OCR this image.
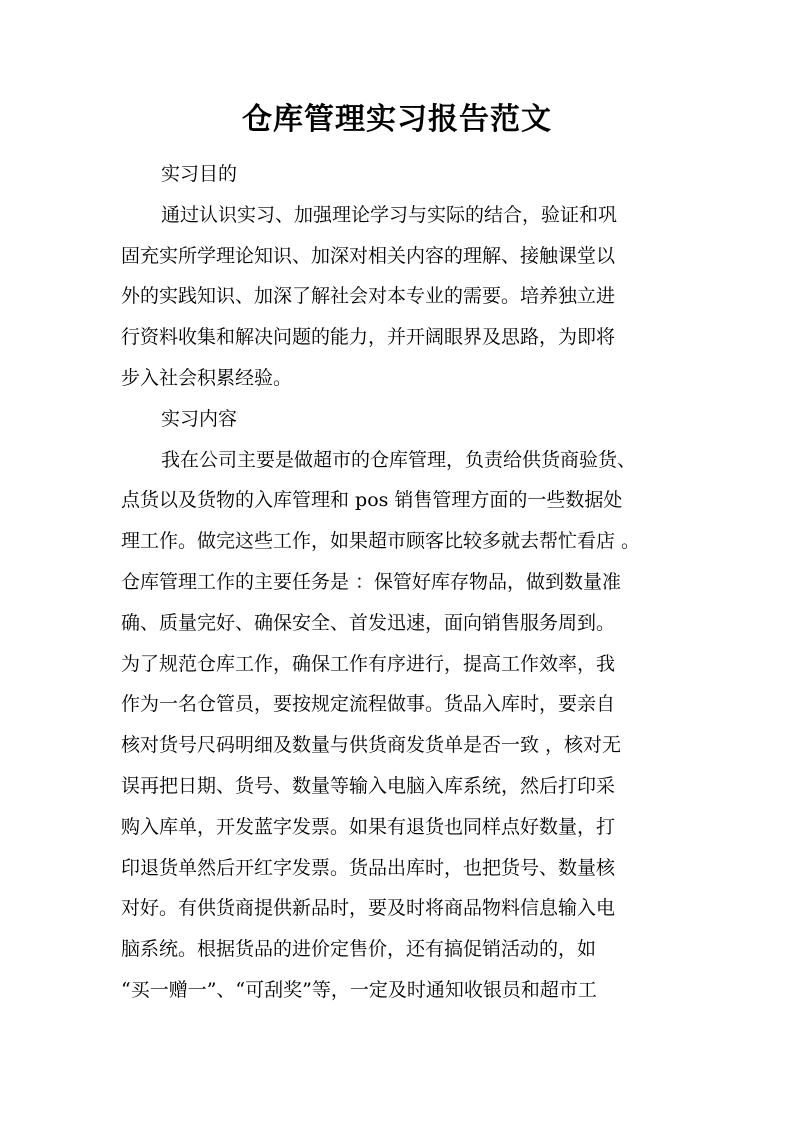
仓库管理实习报告范文
实习目的
通过认识实习、加强理论学习与实际的结合，验证和巩
固充实所学理论知识、加深对相关内容的理解、接触课堂以
外的实践知识、加深了解社会对本专业的需要。培养独立进
行资料收集和解决问题的能力，并开阔眼界及思路，为即将
步入社会积累经验。
实习内容
我在公司主要是做超市的仓库管理，负责给供货商验货、
点货以及货物的入库管理和 pos 销售管理方面的一些数据处
理工作。做完这些工作，如果超市顾客比较多就去帮忙看店 。
仓库管理工作的主要任务是 ：保管好库存物品，做到数量准
确、质量完好、确保安全、首发迅速，面向销售服务周到。
为了规范仓库工作，确保工作有序进行，提高工作效率，我
作为一名仓管员，要按规定流程做事。货品入库时，要亲自
核对货号尺码明细及数量与供货商发货单是否一致 ，核对无
误再把日期、货号、数量等输入电脑入库系统，然后打印采
购入库单，开发蓝字发票。如果有退货也同样点好数量，打
印退货单然后开红字发票。货品出库时，也把货号、数量核
对好。有供货商提供新品时，要及时将商品物料信息输入电
脑系统。根据货品的进价定售价，还有搞促销活动的，如
“买一赠一”、“可刮奖”等，一定及时通知收银员和超市工
